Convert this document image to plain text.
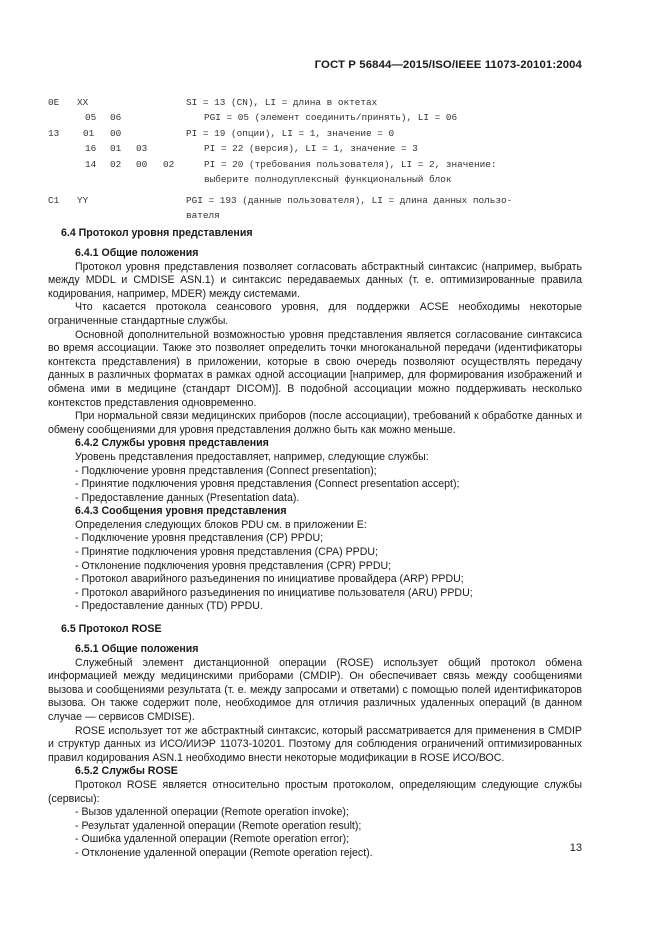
ГОСТ Р 56844—2015/ISO/IEEE 11073-20101:2004
0E XX	SI = 13 (CN), LI = длина в октетах
05 06	PGI = 05 (элемент соединить/принять), LI = 06
13	01 00	PI = 19 (опции), LI = 1, значение = 0
16 01 03	PI = 22 (версия), LI = 1, значение = 3
14 02 00 02	PI = 20 (требования пользователя), LI = 2, значение:
выберите полнодуплексный функциональный блок
C1 YY	PGI = 193 (данные пользователя), LI = длина данных пользо-
вателя
6.4 Протокол уровня представления
6.4.1 Общие положения

Протокол уровня представления позволяет согласовать абстрактный синтаксис (например, выбрать между MDDL и CMDISE ASN.1) и синтаксис передаваемых данных (т. е. оптимизированные правила кодирования, например, MDER) между системами.

Что касается протокола сеансового уровня, для поддержки ACSE необходимы некоторые ограниченные стандартные службы.

Основной дополнительной возможностью уровня представления является согласование синтаксиса во время ассоциации. Также это позволяет определить точки многоканальной передачи (идентификаторы контекста представления) в приложении, которые в свою очередь позволяют осуществлять передачу данных в различных форматах в рамках одной ассоциации [например, для формирования изображений и обмена ими в медицине (стандарт DICOM)]. В подобной ассоциации можно поддерживать несколько контекстов представления одновременно.

При нормальной связи медицинских приборов (после ассоциации), требований к обработке данных и обмену сообщениями для уровня представления должно быть как можно меньше.

6.4.2 Службы уровня представления

Уровень представления предоставляет, например, следующие службы:

- Подключение уровня представления (Connect presentation);
- Принятие подключения уровня представления (Connect presentation accept);
- Предоставление данных (Presentation data).
6.4.3 Сообщения уровня представления

Определения следующих блоков PDU см. в приложении Е:

- Подключение уровня представления (CP) PPDU;
- Принятие подключения уровня представления (CPA) PPDU;
- Отклонение подключения уровня представления (CPR) PPDU;
- Протокол аварийного разъединения по инициативе провайдера (ARP) PPDU;
- Протокол аварийного разъединения по инициативе пользователя (ARU) PPDU;
- Предоставление данных (TD) PPDU.
6.5 Протокол ROSE
6.5.1 Общие положения

Служебный элемент дистанционной операции (ROSE) использует общий протокол обмена информацией между медицинскими приборами (CMDIP). Он обеспечивает связь между сообщениями вызова и сообщениями результата (т. е. между запросами и ответами) с помощью полей идентификаторов вызова. Он также содержит поле, необходимое для отличия различных удаленных операций (в данном случае — сервисов CMDISE).

ROSE использует тот же абстрактный синтаксис, который рассматривается для применения в CMDIP и структур данных из ИСО/ИИЭР 11073-10201. Поэтому для соблюдения ограничений оптимизированных правил кодирования ASN.1 необходимо внести некоторые модификации в ROSE ИСО/ВОС.

6.5.2 Службы ROSE

Протокол ROSE является относительно простым протоколом, определяющим следующие службы (сервисы):

- Вызов удаленной операции (Remote operation invoke);
- Результат удаленной операции (Remote operation result);
- Ошибка удаленной операции (Remote operation error);
- Отклонение удаленной операции (Remote operation reject).	13
